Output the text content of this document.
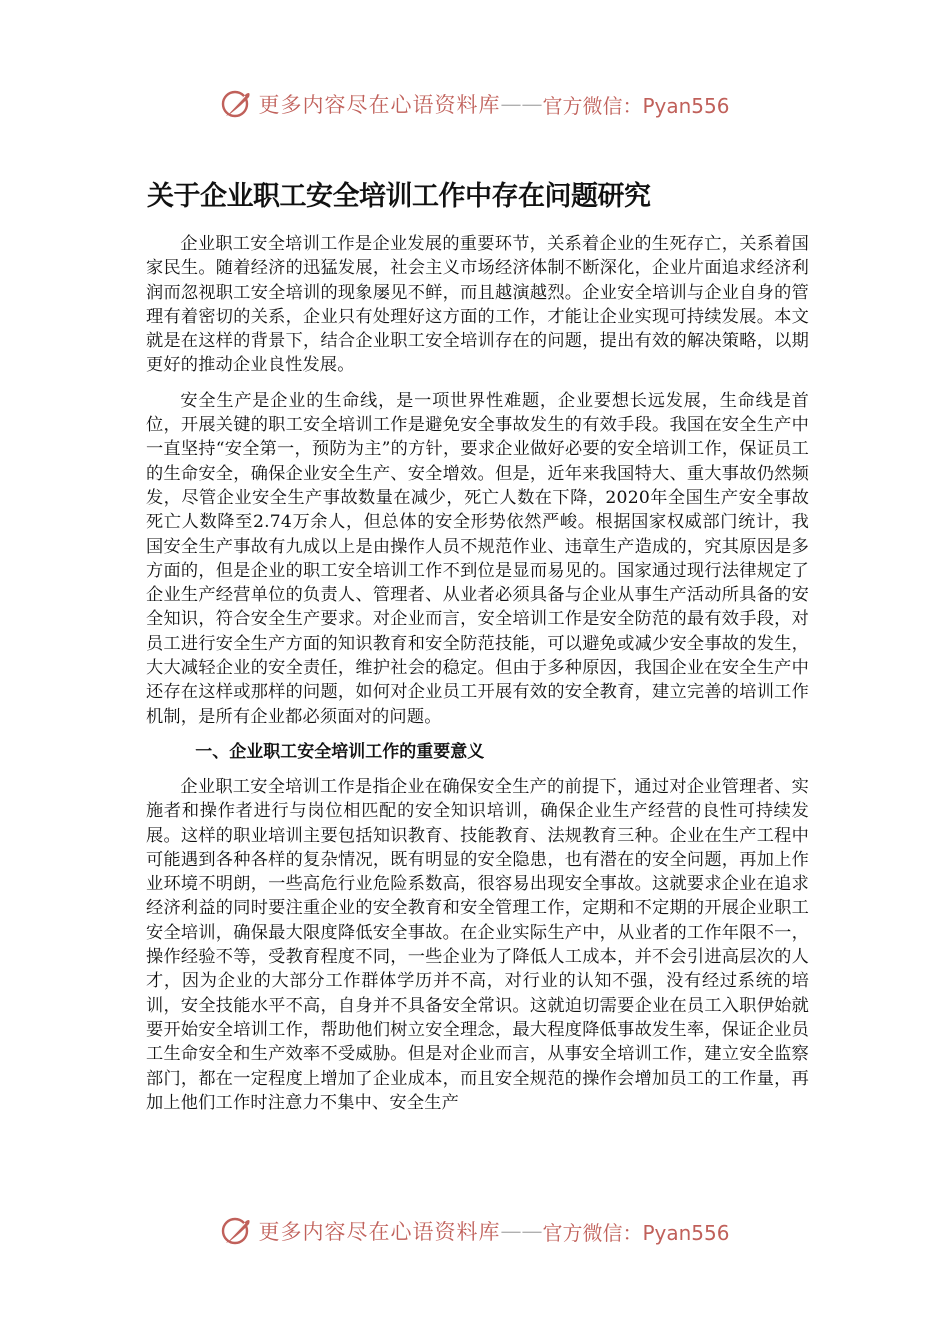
更多内容尽在心语资料库 —— 官方微信：Pyan556
关于企业职工安全培训工作中存在问题研究

企业职工安全培训工作是企业发展的重要环节，关系着企业的生死存亡，关系着国家民生。随着经济的迅猛发展，社会主义市场经济体制不断深化，企业片面追求经济利润而忽视职工安全培训的现象屡见不鲜，而且越演越烈。企业安全培训与企业自身的管理有着密切的关系，企业只有处理好这方面的工作，才能让企业实现可持续发展。本文就是在这样的背景下，结合企业职工安全培训存在的问题，提出有效的解决策略，以期更好的推动企业良性发展。

安全生产是企业的生命线，是一项世界性难题，企业要想长远发展，生命线是首位，开展关键的职工安全培训工作是避免安全事故发生的有效手段。我国在安全生产中一直坚持“安全第一，预防为主”的方针，要求企业做好必要的安全培训工作，保证员工的生命安全，确保企业安全生产、安全增效。但是，近年来我国特大、重大事故仍然频发，尽管企业安全生产事故数量在减少，死亡人数在下降，2020年全国生产安全事故死亡人数降至2.74万余人，但总体的安全形势依然严峻。根据国家权威部门统计，我国安全生产事故有九成以上是由操作人员不规范作业、违章生产造成的，究其原因是多方面的，但是企业的职工安全培训工作不到位是显而易见的。国家通过现行法律规定了企业生产经营单位的负责人、管理者、从业者必须具备与企业从事生产活动所具备的安全知识，符合安全生产要求。对企业而言，安全培训工作是安全防范的最有效手段，对员工进行安全生产方面的知识教育和安全防范技能，可以避免或减少安全事故的发生，大大减轻企业的安全责任，维护社会的稳定。但由于多种原因，我国企业在安全生产中还存在这样或那样的问题，如何对企业员工开展有效的安全教育，建立完善的培训工作机制，是所有企业都必须面对的问题。

一、企业职工安全培训工作的重要意义

企业职工安全培训工作是指企业在确保安全生产的前提下，通过对企业管理者、实施者和操作者进行与岗位相匹配的安全知识培训，确保企业生产经营的良性可持续发展。这样的职业培训主要包括知识教育、技能教育、法规教育三种。企业在生产工程中可能遇到各种各样的复杂情况，既有明显的安全隐患，也有潜在的安全问题，再加上作业环境不明朗，一些高危行业危险系数高，很容易出现安全事故。这就要求企业在追求经济利益的同时要注重企业的安全教育和安全管理工作，定期和不定期的开展企业职工安全培训，确保最大限度降低安全事故。在企业实际生产中，从业者的工作年限不一，操作经验不等，受教育程度不同，一些企业为了降低人工成本，并不会引进高层次的人才，因为企业的大部分工作群体学历并不高，对行业的认知不强，没有经过系统的培训，安全技能水平不高，自身并不具备安全常识。这就迫切需要企业在员工入职伊始就要开始安全培训工作，帮助他们树立安全理念，最大程度降低事故发生率，保证企业员工生命安全和生产效率不受威胁。但是对企业而言，从事安全培训工作，建立安全监察部门，都在一定程度上增加了企业成本，而且安全规范的操作会增加员工的工作量，再加上他们工作时注意力不集中、安全生产

更多内容尽在心语资料库 —— 官方微信：Pyan556
